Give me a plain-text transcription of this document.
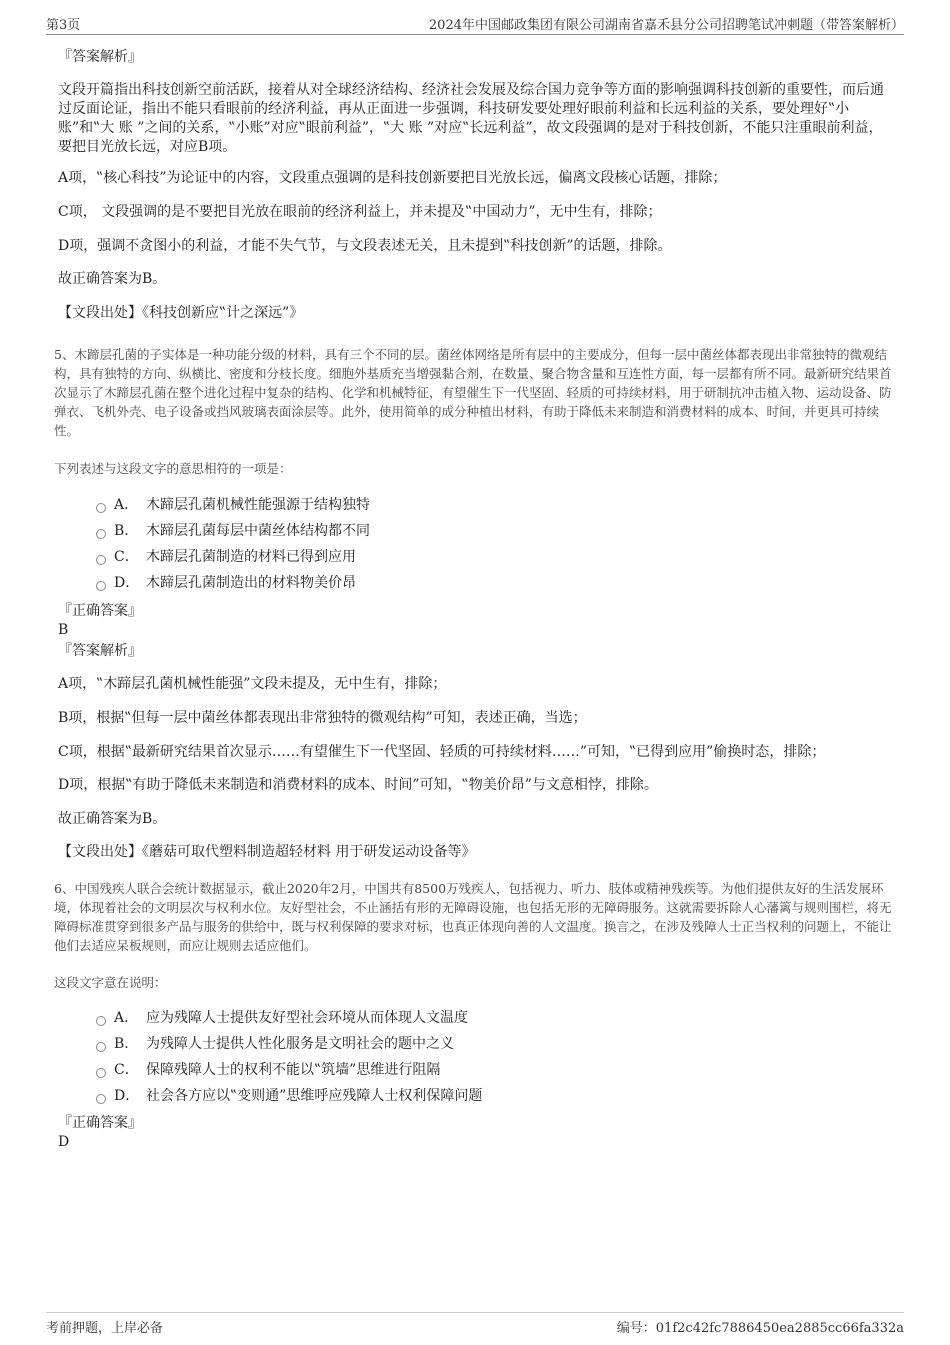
第3页	2024年中国邮政集团有限公司湖南省嘉禾县分公司招聘笔试冲刺题（带答案解析）
『答案解析』
文段开篇指出科技创新空前活跃，接着从对全球经济结构、经济社会发展及综合国力竞争等方面的影响强调科技创新的重要性，而后通过反面论证，指出不能只看眼前的经济利益，再从正面进一步强调，科技研发要处理好眼前利益和长远利益的关系，要处理好‟小账”和‟大 账 ”之间的关系，‟小账”对应‟眼前利益”，‟大 账 ”对应‟长远利益”，故文段强调的是对于科技创新，不能只注重眼前利益，要把目光放长远，对应B项。
A项，‟核心科技”为论证中的内容，文段重点强调的是科技创新要把目光放长远，偏离文段核心话题，排除；
C项， 文段强调的是不要把目光放在眼前的经济利益上，并未提及‟中国动力”，无中生有，排除；
D项，强调不贪图小的利益，才能不失气节，与文段表述无关，且未提到‟科技创新”的话题，排除。
故正确答案为B。
【文段出处】《科技创新应‟计之深远”》
5、木蹄层孔菌的子实体是一种功能分级的材料，具有三个不同的层。菌丝体网络是所有层中的主要成分，但每一层中菌丝体都表现出非常独特的微观结构，具有独特的方向、纵横比、密度和分枝长度。细胞外基质充当增强黏合剂，在数量、聚合物含量和互连性方面，每一层都有所不同。最新研究结果首次显示了木蹄层孔菌在整个进化过程中复杂的结构、化学和机械特征，有望催生下一代坚固、轻质的可持续材料，用于研制抗冲击植入物、运动设备、防弹衣、飞机外壳、电子设备或挡风玻璃表面涂层等。此外，使用简单的成分种植出材料，有助于降低未来制造和消费材料的成本、时间，并更具可持续性。
下列表述与这段文字的意思相符的一项是：
A． 木蹄层孔菌机械性能强源于结构独特
B． 木蹄层孔菌每层中菌丝体结构都不同
C． 木蹄层孔菌制造的材料已得到应用
D． 木蹄层孔菌制造出的材料物美价昂
『正确答案』
B
『答案解析』
A项，‟木蹄层孔菌机械性能强”文段未提及，无中生有，排除；
B项，根据‟但每一层中菌丝体都表现出非常独特的微观结构”可知，表述正确，当选；
C项，根据‟最新研究结果首次显示……有望催生下一代坚固、轻质的可持续材料……”可知，‟已得到应用”偷换时态，排除；
D项，根据‟有助于降低未来制造和消费材料的成本、时间”可知，‟物美价昂”与文意相悖，排除。
故正确答案为B。
【文段出处】《蘑菇可取代塑料制造超轻材料 用于研发运动设备等》
6、中国残疾人联合会统计数据显示，截止2020年2月，中国共有8500万残疾人，包括视力、听力、肢体或精神残疾等。为他们提供友好的生活发展环境，体现着社会的文明层次与权利水位。友好型社会，不止涵括有形的无障碍设施，也包括无形的无障碍服务。这就需要拆除人心藩篱与规则围栏，将无障碍标准贯穿到很多产品与服务的供给中，既与权利保障的要求对标，也真正体现向善的人文温度。换言之，在涉及残障人士正当权利的问题上，不能让他们去适应呆板规则，而应让规则去适应他们。
这段文字意在说明：
A． 应为残障人士提供友好型社会环境从而体现人文温度
B． 为残障人士提供人性化服务是文明社会的题中之义
C． 保障残障人士的权利不能以‟筑墙”思维进行阻隔
D． 社会各方应以‟变则通”思维呼应残障人士权利保障问题
『正确答案』
D
考前押题，上岸必备	编号：01f2c42fc7886450ea2885cc66fa332a
